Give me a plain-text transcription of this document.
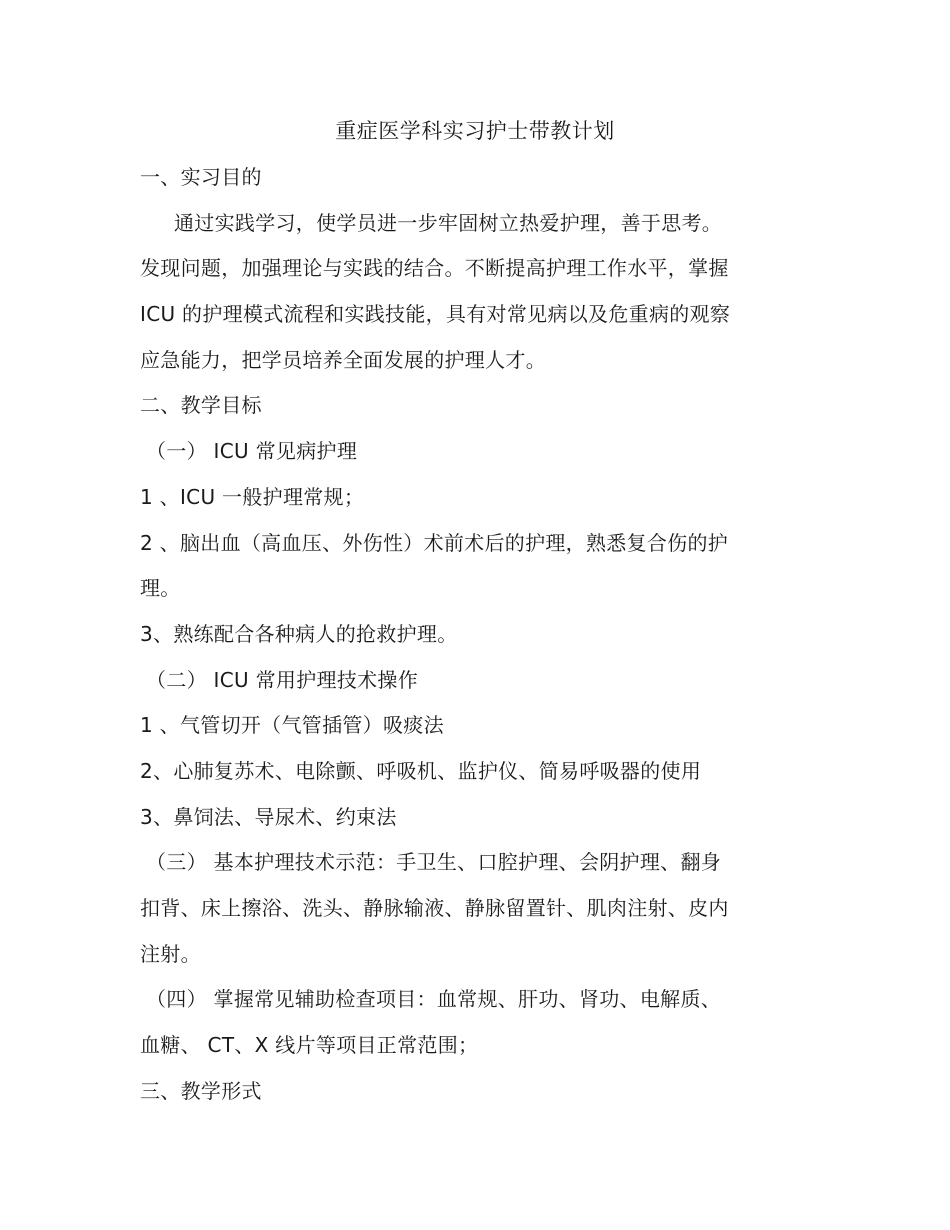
重症医学科实习护士带教计划
一、实习目的
通过实践学习，使学员进一步牢固树立热爱护理，善于思考。
发现问题，加强理论与实践的结合。不断提高护理工作水平，掌握
ICU 的护理模式流程和实践技能，具有对常见病以及危重病的观察
应急能力，把学员培养全面发展的护理人才。
二、教学目标
（一） ICU 常见病护理
1 、ICU 一般护理常规；
2 、脑出血（高血压、外伤性）术前术后的护理，熟悉复合伤的护
理。
3、熟练配合各种病人的抢救护理。
（二） ICU 常用护理技术操作
1 、气管切开（气管插管）吸痰法
2、心肺复苏术、电除颤、呼吸机、监护仪、简易呼吸器的使用
3、鼻饲法、导尿术、约束法
（三） 基本护理技术示范：手卫生、口腔护理、会阴护理、翻身
扣背、床上擦浴、洗头、静脉输液、静脉留置针、肌肉注射、皮内
注射。
（四） 掌握常见辅助检查项目：血常规、肝功、肾功、电解质、
血糖、 CT、X 线片等项目正常范围；
三、教学形式
